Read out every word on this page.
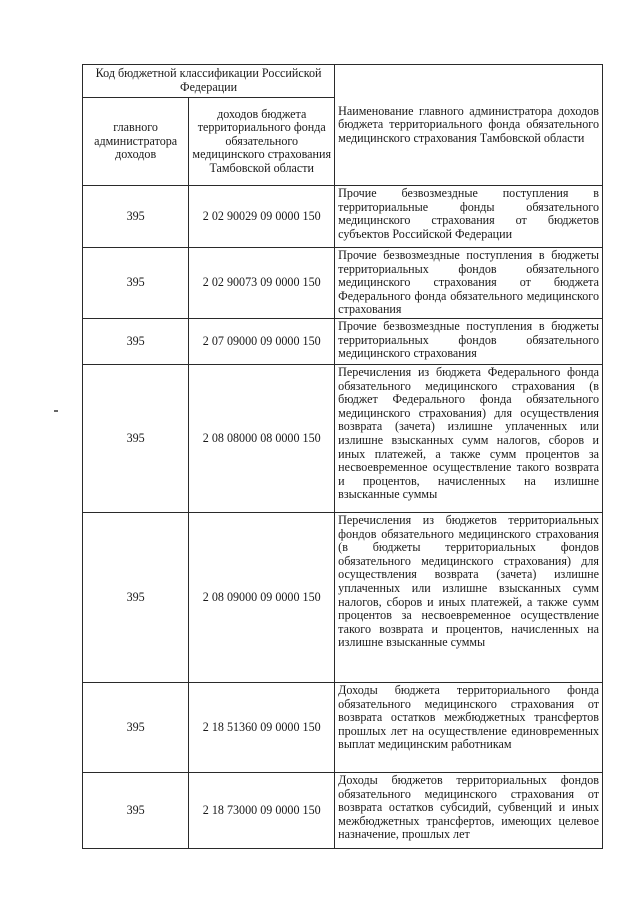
Код бюджетной классификации Российской Федерации		Наименование главного администратора доходов бюджета территориального фонда обязательного медицинского страхования Тамбовской области
главного администратора доходов	доходов бюджета территориального фонда обязательного медицинского страхования Тамбовской области	
395	2 02 90029 09 0000 150	Прочие безвозмездные поступления в территориальные фонды обязательного медицинского страхования от бюджетов субъектов Российской Федерации
395	2 02 90073 09 0000 150	Прочие безвозмездные поступления в бюджеты территориальных фондов обязательного медицинского страхования от бюджета Федерального фонда обязательного медицинского страхования
395	2 07 09000 09 0000 150	Прочие безвозмездные поступления в бюджеты территориальных фондов обязательного медицинского страхования
395	2 08 08000 08 0000 150	Перечисления из бюджета Федерального фонда обязательного медицинского страхования (в бюджет Федерального фонда обязательного медицинского страхования) для осуществления возврата (зачета) излишне уплаченных или излишне взысканных сумм налогов, сборов и иных платежей, а также сумм процентов за несвоевременное осуществление такого возврата и процентов, начисленных на излишне взысканные суммы
395	2 08 09000 09 0000 150	Перечисления из бюджетов территориальных фондов обязательного медицинского страхования (в бюджеты территориальных фондов обязательного медицинского страхования) для осуществления возврата (зачета) излишне уплаченных или излишне взысканных сумм налогов, сборов и иных платежей, а также сумм процентов за несвоевременное осуществление такого возврата и процентов, начисленных на излишне взысканные суммы
395	2 18 51360 09 0000 150	Доходы бюджета территориального фонда обязательного медицинского страхования от возврата остатков межбюджетных трансфертов прошлых лет на осуществление единовременных выплат медицинским работникам
395	2 18 73000 09 0000 150	Доходы бюджетов территориальных фондов обязательного медицинского страхования от возврата остатков субсидий, субвенций и иных межбюджетных трансфертов, имеющих целевое назначение, прошлых лет
